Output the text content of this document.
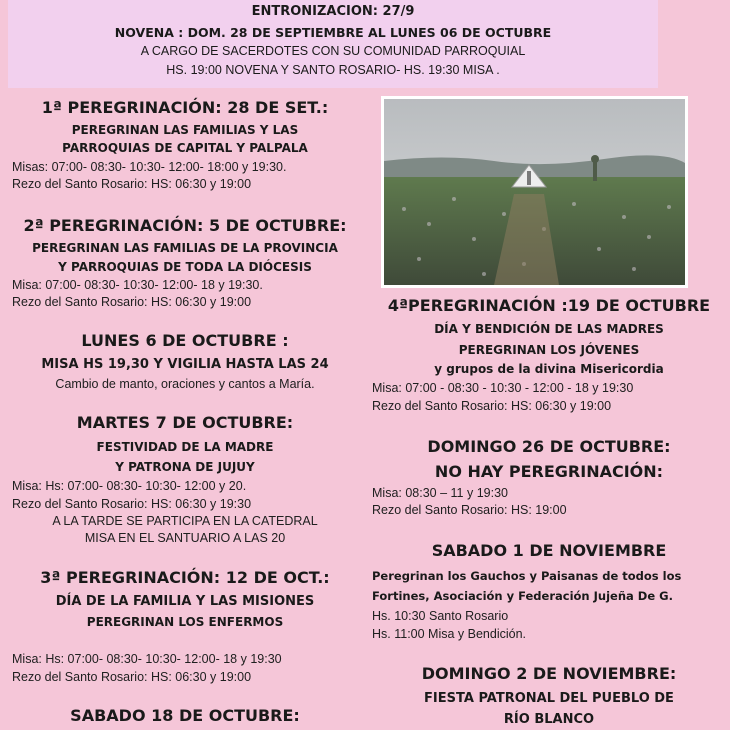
ENTRONIZACION: 27/9

NOVENA : DOM. 28 DE SEPTIEMBRE AL LUNES 06 DE OCTUBRE

A CARGO DE SACERDOTES CON SU COMUNIDAD PARROQUIAL

HS. 19:00 NOVENA Y SANTO ROSARIO- HS. 19:30 MISA .

1ª PEREGRINACIÓN: 28 DE SET.:

PEREGRINAN LAS FAMILIAS Y LAS

PARROQUIAS DE CAPITAL Y PALPALA

Misas: 07:00- 08:30- 10:30- 12:00- 18:00 y 19:30.

Rezo del Santo Rosario: HS: 06:30 y 19:00

2ª PEREGRINACIÓN: 5 DE OCTUBRE:

PEREGRINAN LAS FAMILIAS DE LA PROVINCIA

Y PARROQUIAS DE TODA LA DIÓCESIS

Misa: 07:00- 08:30- 10:30- 12:00- 18 y 19:30.

Rezo del Santo Rosario: HS: 06:30 y 19:00

LUNES 6 DE OCTUBRE :

MISA HS 19,30 Y VIGILIA HASTA LAS 24

Cambio de manto, oraciones y cantos a María.

MARTES 7 DE OCTUBRE:

FESTIVIDAD DE LA MADRE

Y PATRONA DE JUJUY

Misa: Hs: 07:00- 08:30- 10:30- 12:00 y 20.

Rezo del Santo Rosario: HS: 06:30 y 19:30

A LA TARDE SE PARTICIPA EN LA CATEDRAL

MISA EN EL SANTUARIO A LAS 20

3ª PEREGRINACIÓN: 12 DE OCT.:

DÍA DE LA FAMILIA Y LAS MISIONES

PEREGRINAN LOS ENFERMOS

Misa: Hs: 07:00- 08:30- 10:30- 12:00- 18 y 19:30

Rezo del Santo Rosario: HS: 06:30 y 19:00

SABADO 18 DE OCTUBRE:

4ªPEREGRINACIÓN :19 DE OCTUBRE

DÍA Y BENDICIÓN DE LAS MADRES

PEREGRINAN LOS JÓVENES

y grupos de la divina Misericordia

Misa: 07:00 - 08:30 - 10:30 - 12:00 - 18 y 19:30

Rezo del Santo Rosario: HS: 06:30 y 19:00

DOMINGO 26 DE OCTUBRE:

NO HAY PEREGRINACIÓN:

Misa: 08:30 – 11 y 19:30

Rezo del Santo Rosario: HS: 19:00

SABADO 1 DE NOVIEMBRE

Peregrinan los Gauchos y Paisanas de todos los

Fortines, Asociación y Federación Jujeña De G.

Hs. 10:30 Santo Rosario

Hs. 11:00 Misa y Bendición.

DOMINGO 2 DE NOVIEMBRE:

FIESTA PATRONAL DEL PUEBLO DE

RÍO BLANCO
